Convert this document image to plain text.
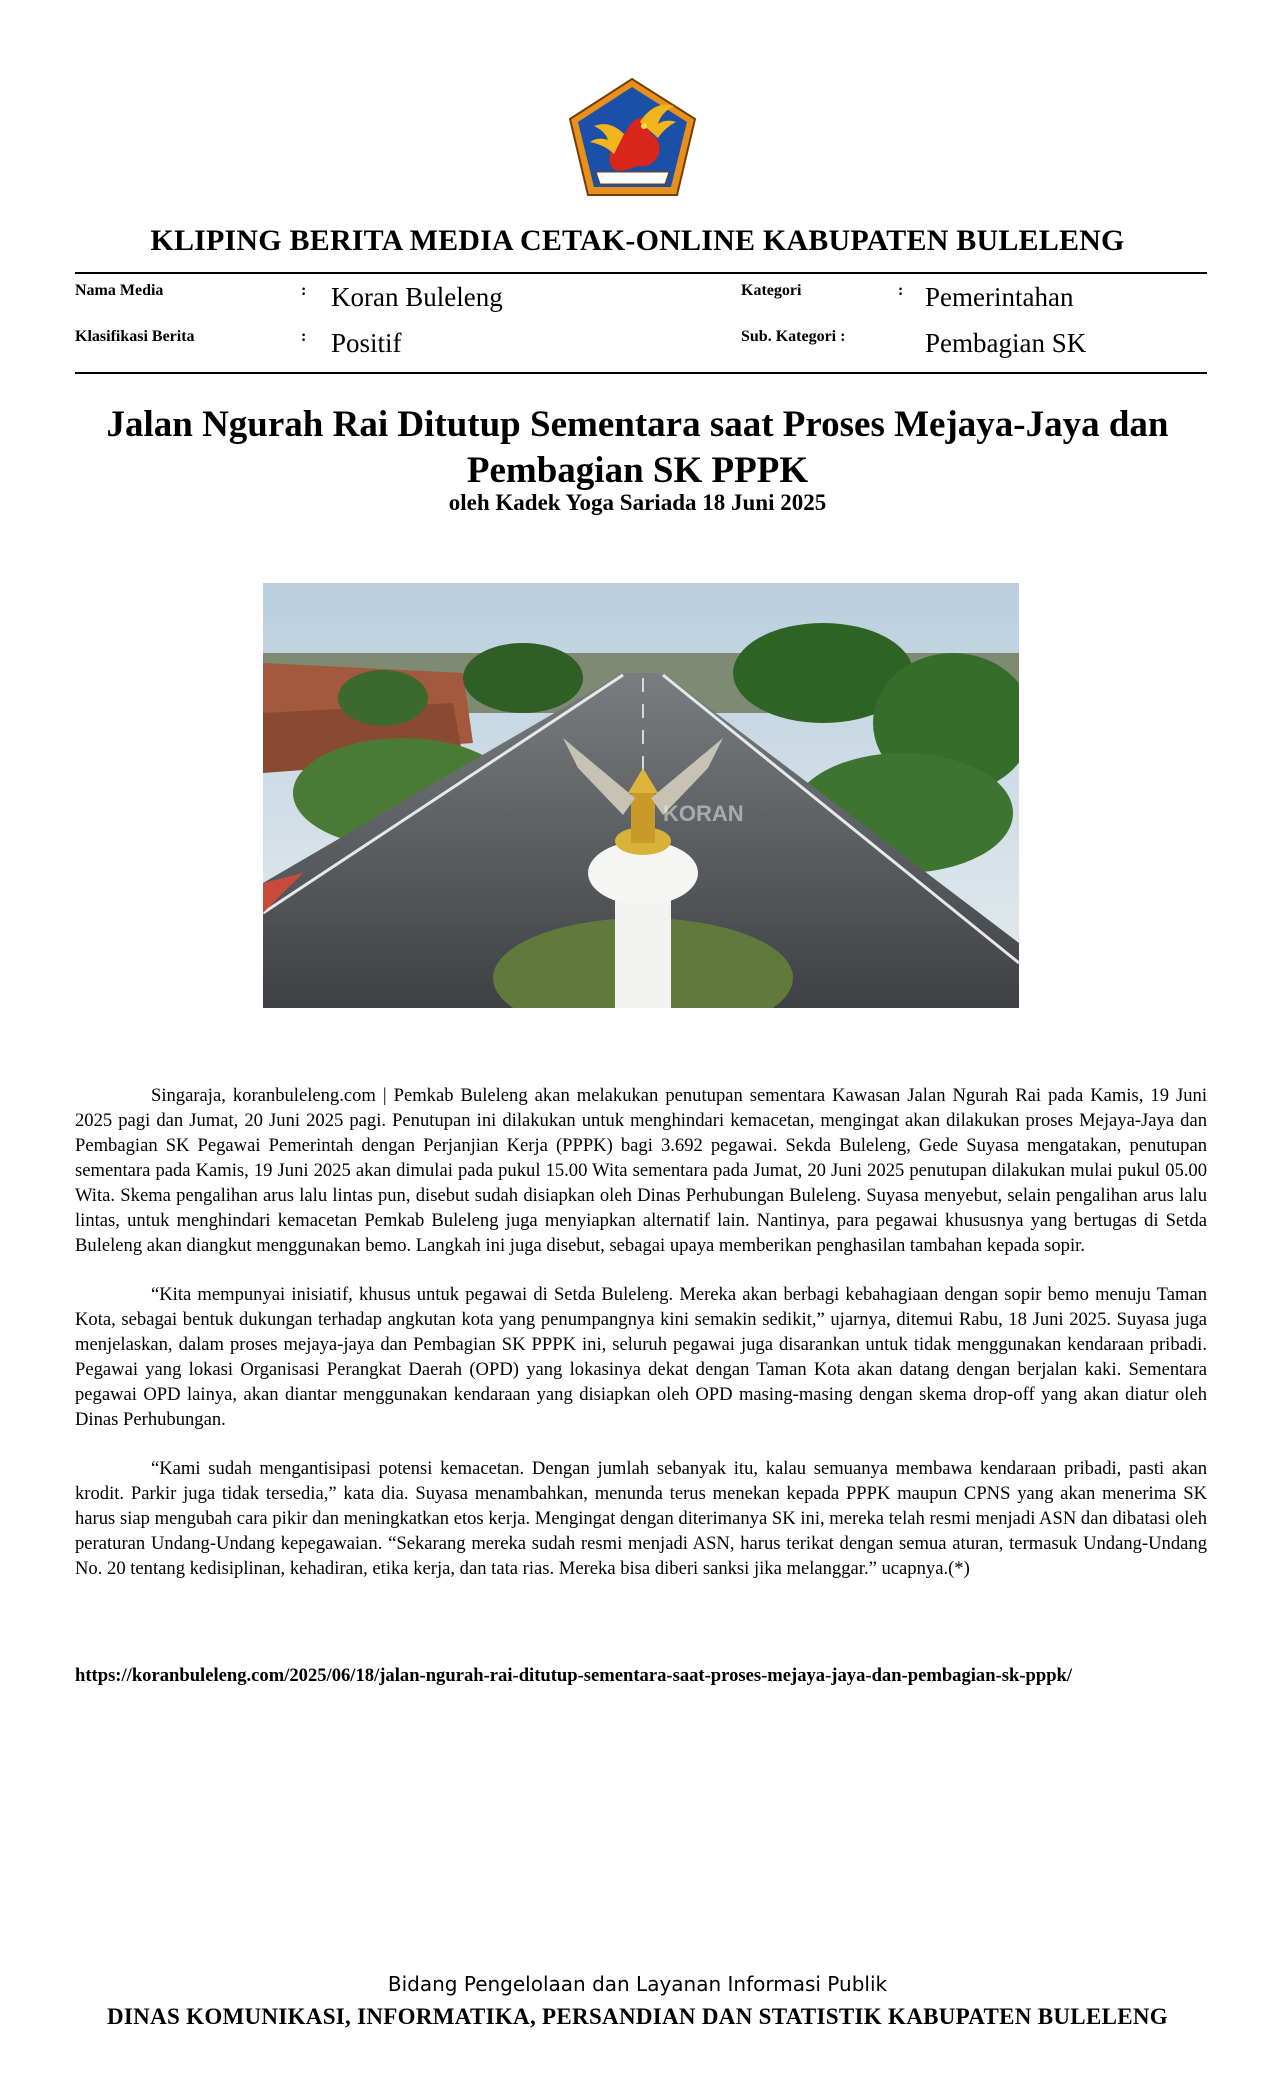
KLIPING BERITA MEDIA CETAK-ONLINE KABUPATEN BULELENG
Nama Media	: Koran Buleleng	Kategori	: Pemerintahan
Klasifikasi Berita	: Positif	Sub. Kategori :	Pembagian SK
Jalan Ngurah Rai Ditutup Sementara saat Proses Mejaya-Jaya dan Pembagian SK PPPK
oleh Kadek Yoga Sariada 18 Juni 2025
KORAN

Singaraja, koranbuleleng.com | Pemkab Buleleng akan melakukan penutupan sementara Kawasan Jalan Ngurah Rai pada Kamis, 19 Juni 2025 pagi dan Jumat, 20 Juni 2025 pagi. Penutupan ini dilakukan untuk menghindari kemacetan, mengingat akan dilakukan proses Mejaya-Jaya dan Pembagian SK Pegawai Pemerintah dengan Perjanjian Kerja (PPPK) bagi 3.692 pegawai. Sekda Buleleng, Gede Suyasa mengatakan, penutupan sementara pada Kamis, 19 Juni 2025 akan dimulai pada pukul 15.00 Wita sementara pada Jumat, 20 Juni 2025 penutupan dilakukan mulai pukul 05.00 Wita. Skema pengalihan arus lalu lintas pun, disebut sudah disiapkan oleh Dinas Perhubungan Buleleng. Suyasa menyebut, selain pengalihan arus lalu lintas, untuk menghindari kemacetan Pemkab Buleleng juga menyiapkan alternatif lain. Nantinya, para pegawai khususnya yang bertugas di Setda Buleleng akan diangkut menggunakan bemo. Langkah ini juga disebut, sebagai upaya memberikan penghasilan tambahan kepada sopir.

“Kita mempunyai inisiatif, khusus untuk pegawai di Setda Buleleng. Mereka akan berbagi kebahagiaan dengan sopir bemo menuju Taman Kota, sebagai bentuk dukungan terhadap angkutan kota yang penumpangnya kini semakin sedikit,” ujarnya, ditemui Rabu, 18 Juni 2025. Suyasa juga menjelaskan, dalam proses mejaya-jaya dan Pembagian SK PPPK ini, seluruh pegawai juga disarankan untuk tidak menggunakan kendaraan pribadi. Pegawai yang lokasi Organisasi Perangkat Daerah (OPD) yang lokasinya dekat dengan Taman Kota akan datang dengan berjalan kaki. Sementara pegawai OPD lainya, akan diantar menggunakan kendaraan yang disiapkan oleh OPD masing-masing dengan skema drop-off yang akan diatur oleh Dinas Perhubungan.

“Kami sudah mengantisipasi potensi kemacetan. Dengan jumlah sebanyak itu, kalau semuanya membawa kendaraan pribadi, pasti akan krodit. Parkir juga tidak tersedia,” kata dia. Suyasa menambahkan, menunda terus menekan kepada PPPK maupun CPNS yang akan menerima SK harus siap mengubah cara pikir dan meningkatkan etos kerja. Mengingat dengan diterimanya SK ini, mereka telah resmi menjadi ASN dan dibatasi oleh peraturan Undang-Undang kepegawaian. “Sekarang mereka sudah resmi menjadi ASN, harus terikat dengan semua aturan, termasuk Undang-Undang No. 20 tentang kedisiplinan, kehadiran, etika kerja, dan tata rias. Mereka bisa diberi sanksi jika melanggar.” ucapnya.(*)

https://koranbuleleng.com/2025/06/18/jalan-ngurah-rai-ditutup-sementara-saat-proses-mejaya-jaya-dan-pembagian-sk-pppk/
Bidang Pengelolaan dan Layanan Informasi Publik
DINAS KOMUNIKASI, INFORMATIKA, PERSANDIAN DAN STATISTIK KABUPATEN BULELENG
